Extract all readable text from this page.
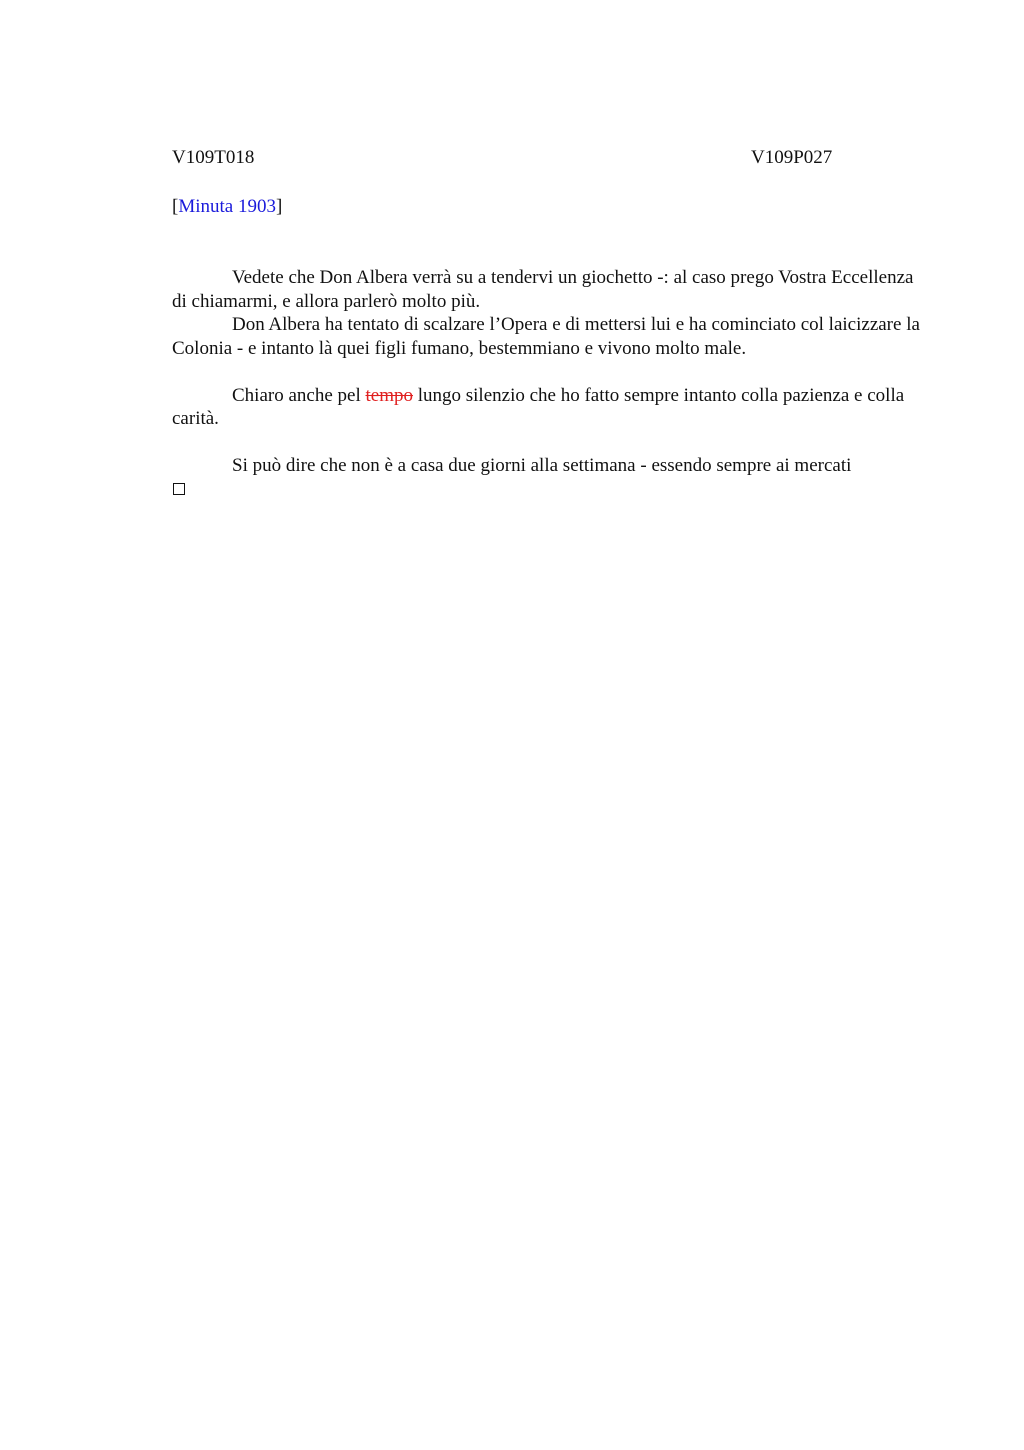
V109T018	V109P027
[Minuta 1903]

Vedete che Don Albera verrà su a tendervi un giochetto -: al caso prego Vostra Eccellenza di chiamarmi, e allora parlerò molto più.

Don Albera ha tentato di scalzare l’Opera e di mettersi lui e ha cominciato col laicizzare la Colonia - e intanto là quei figli fumano, bestemmiano e vivono molto male.

Chiaro anche pel tempo lungo silenzio che ho fatto sempre intanto colla pazienza e colla carità.

Si può dire che non è a casa due giorni alla settimana - essendo sempre ai mercati
